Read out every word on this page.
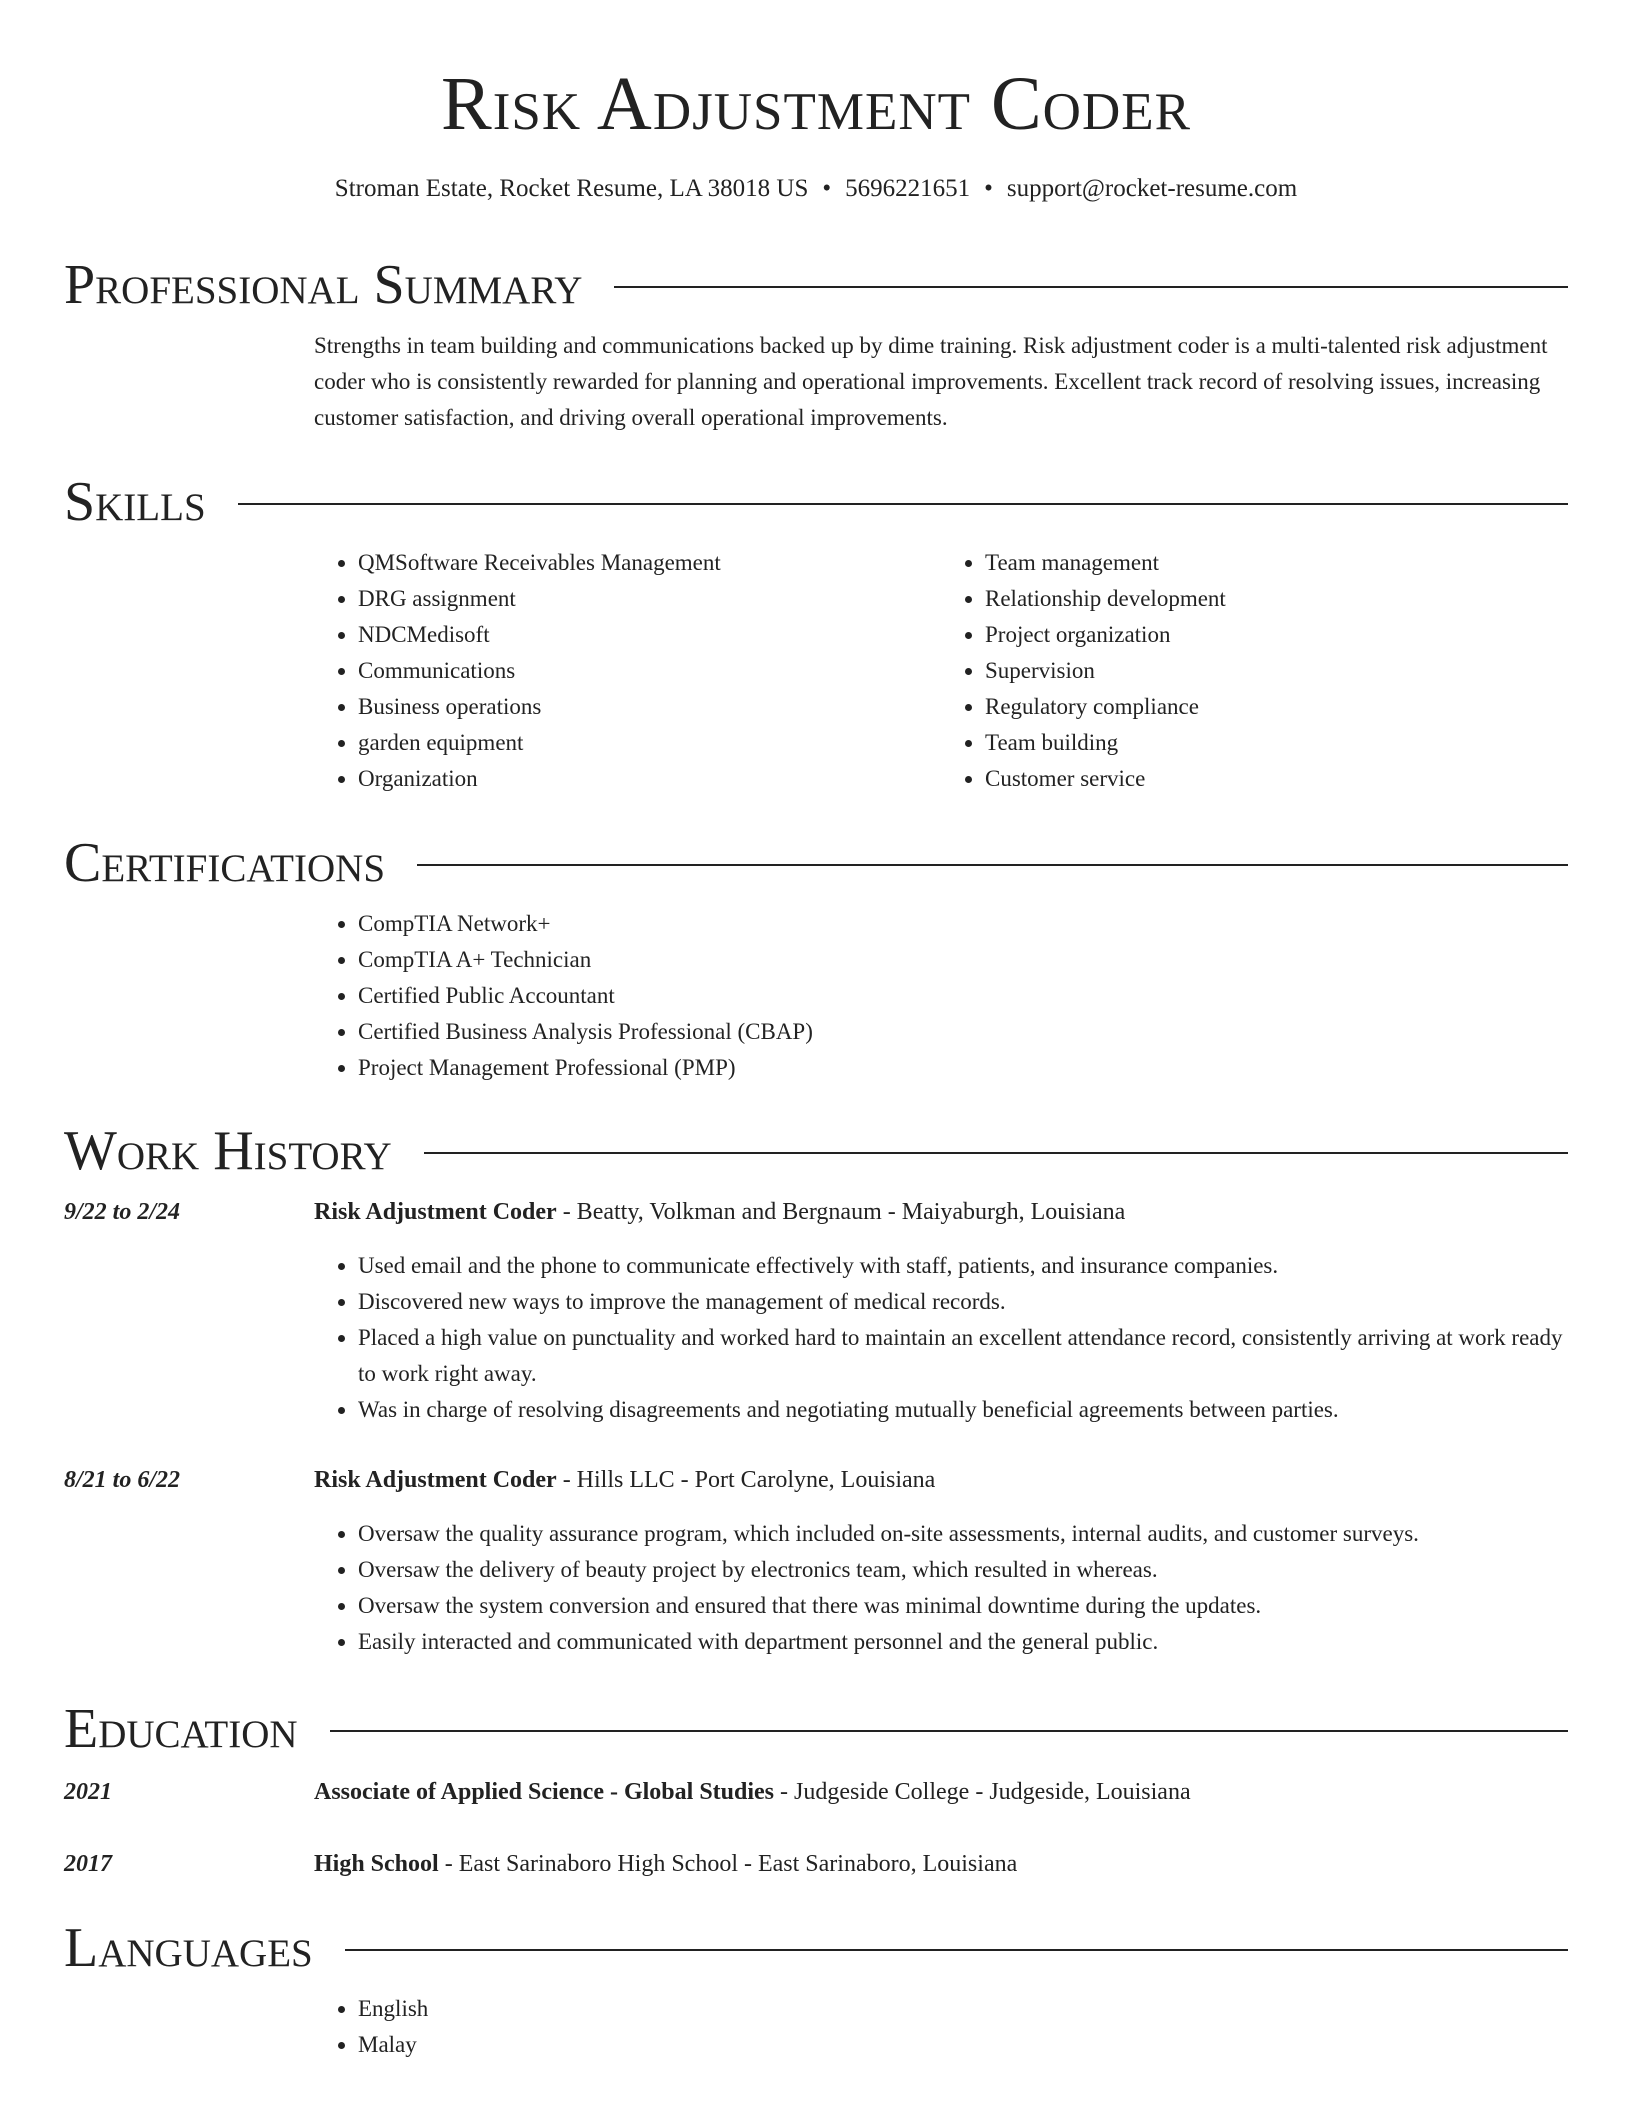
Risk Adjustment Coder
Stroman Estate, Rocket Resume, LA 38018 US • 5696221651 • support@rocket-resume.com
Professional Summary
Strengths in team building and communications backed up by dime training. Risk adjustment coder is a multi-talented risk adjustment coder who is consistently rewarded for planning and operational improvements. Excellent track record of resolving issues, increasing customer satisfaction, and driving overall operational improvements.
Skills
• QMSoftware Receivables Management
• DRG assignment
• NDCMedisoft
• Communications
• Business operations
• garden equipment
• Organization
• Team management
• Relationship development
• Project organization
• Supervision
• Regulatory compliance
• Team building
• Customer service
Certifications
• CompTIA Network+
• CompTIA A+ Technician
• Certified Public Accountant
• Certified Business Analysis Professional (CBAP)
• Project Management Professional (PMP)
Work History
9/22 to 2/24	Risk Adjustment Coder - Beatty, Volkman and Bergnaum - Maiyaburgh, Louisiana
• Used email and the phone to communicate effectively with staff, patients, and insurance companies.
• Discovered new ways to improve the management of medical records.
• Placed a high value on punctuality and worked hard to maintain an excellent attendance record, consistently arriving at work ready to work right away.
• Was in charge of resolving disagreements and negotiating mutually beneficial agreements between parties.
8/21 to 6/22	Risk Adjustment Coder - Hills LLC - Port Carolyne, Louisiana
• Oversaw the quality assurance program, which included on-site assessments, internal audits, and customer surveys.
• Oversaw the delivery of beauty project by electronics team, which resulted in whereas.
• Oversaw the system conversion and ensured that there was minimal downtime during the updates.
• Easily interacted and communicated with department personnel and the general public.
Education
2021	Associate of Applied Science - Global Studies - Judgeside College - Judgeside, Louisiana
2017	High School - East Sarinaboro High School - East Sarinaboro, Louisiana
Languages
• English
• Malay
